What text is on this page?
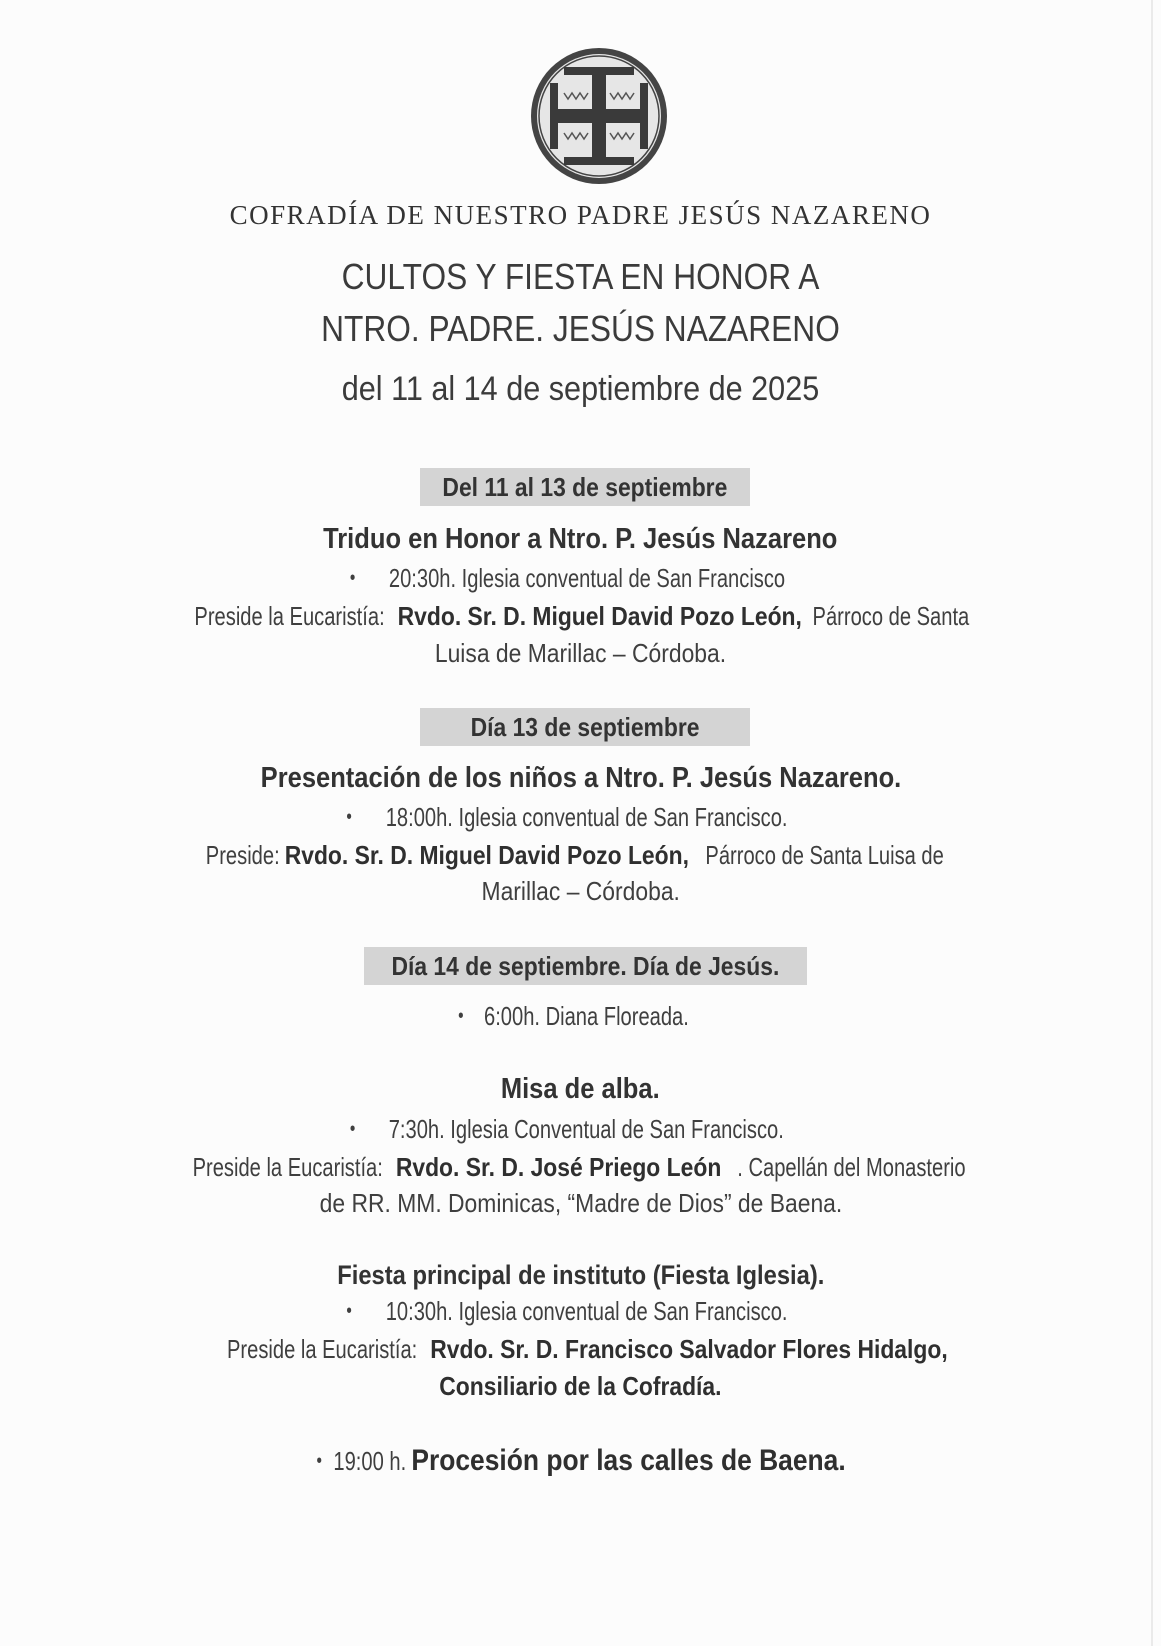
COFRADÍA DE NUESTRO PADRE JESÚS NAZARENO
CULTOS Y FIESTA EN HONOR A
NTRO. PADRE. JESÚS NAZARENO
del 11 al 14 de septiembre de 2025
Del 11 al 13 de septiembre
Triduo en Honor a Ntro. P. Jesús Nazareno
• 20:30h. Iglesia conventual de San Francisco
Preside la Eucaristía:Rvdo. Sr. D. Miguel David Pozo León,Párroco de Santa
Luisa de Marillac – Córdoba.
Día 13 de septiembre
Presentación de los niños a Ntro. P. Jesús Nazareno.
• 18:00h. Iglesia conventual de San Francisco.
Preside:Rvdo. Sr. D. Miguel David Pozo León,Párroco de Santa Luisa de
Marillac – Córdoba.
Día 14 de septiembre. Día de Jesús.
• 6:00h. Diana Floreada.
Misa de alba.
• 7:30h. Iglesia Conventual de San Francisco.
Preside la Eucaristía:Rvdo. Sr. D. José Priego León . Capellán del Monasterio
de RR. MM. Dominicas, “Madre de Dios” de Baena.
Fiesta principal de instituto (Fiesta Iglesia).
• 10:30h. Iglesia conventual de San Francisco.
Preside la Eucaristía:Rvdo. Sr. D. Francisco Salvador Flores Hidalgo,
Consiliario de la Cofradía.
• 19:00 h.Procesión por las calles de Baena.
